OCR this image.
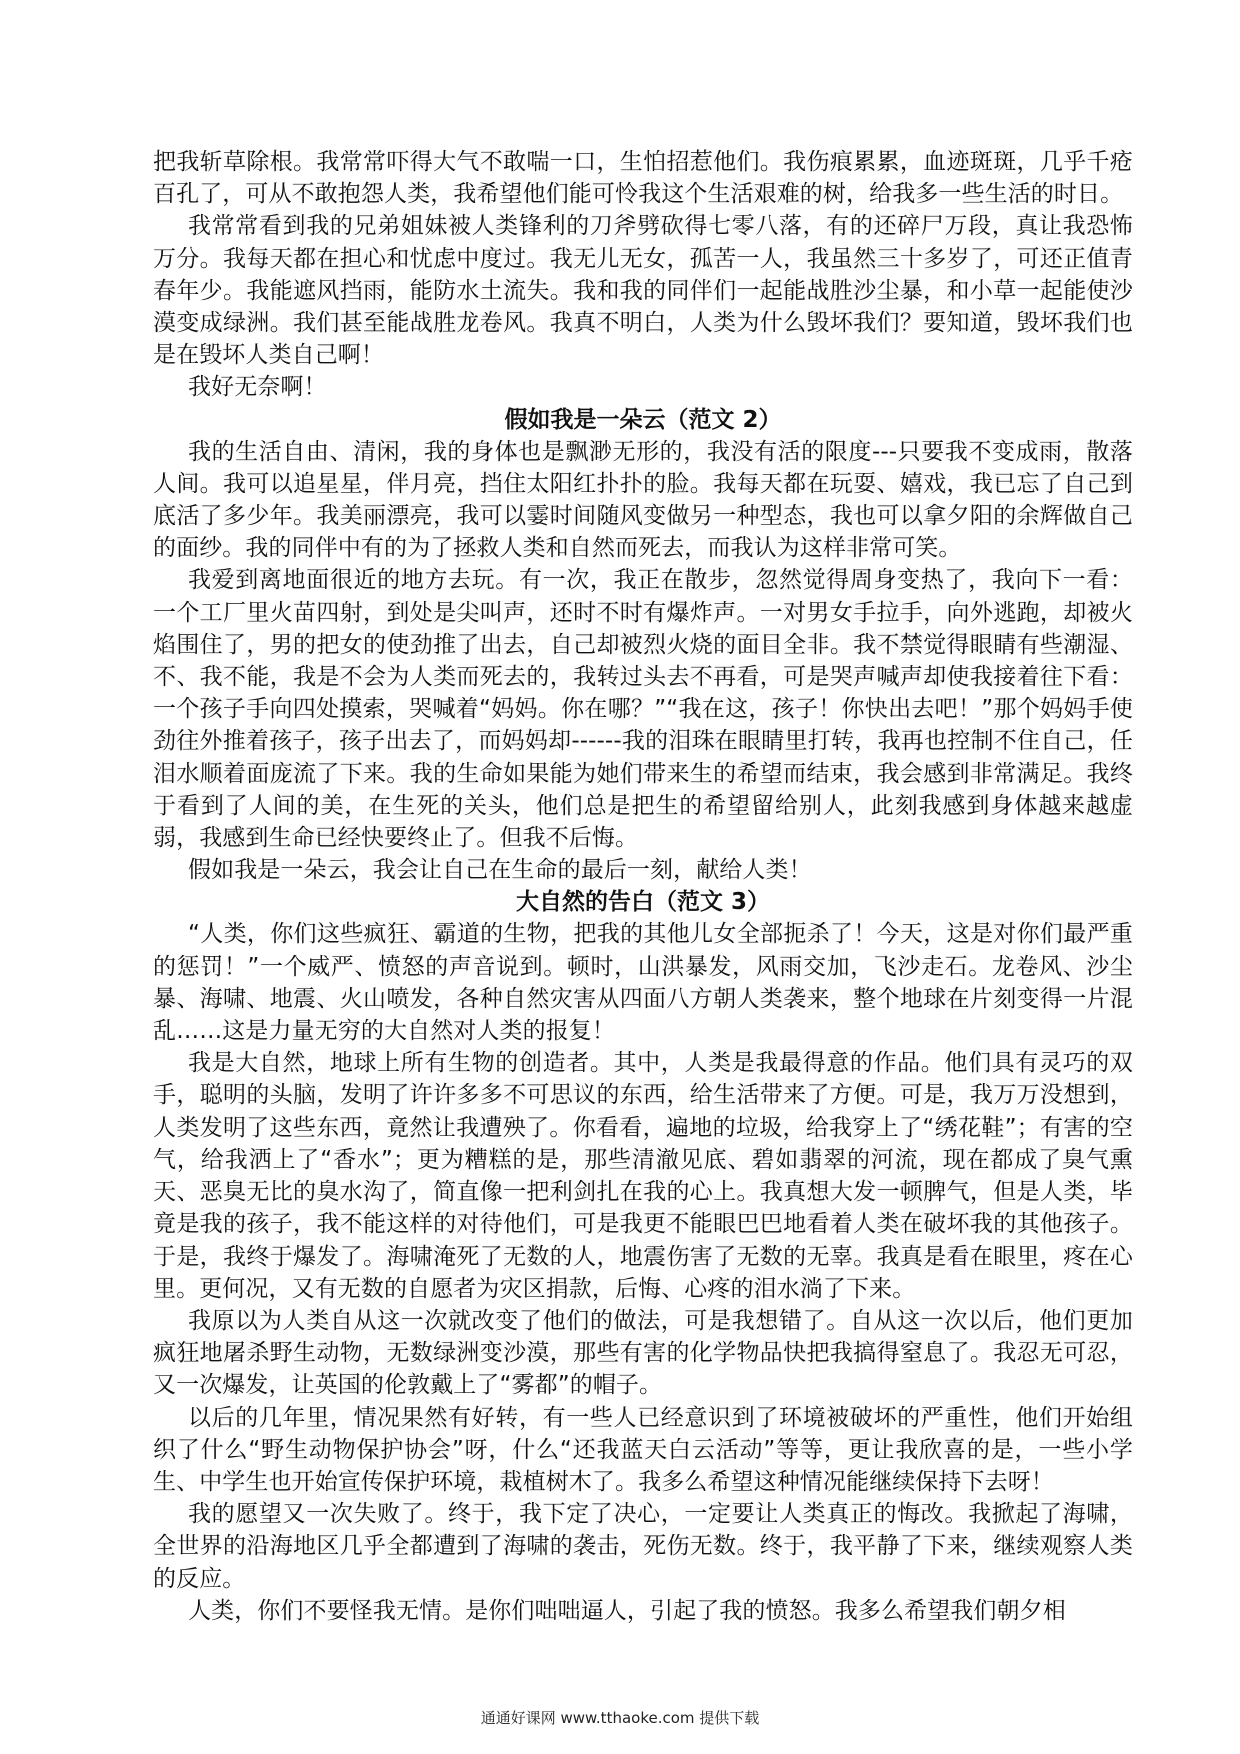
把我斩草除根。我常常吓得大气不敢喘一口，生怕招惹他们。我伤痕累累，血迹斑斑，几乎千疮百孔了，可从不敢抱怨人类，我希望他们能可怜我这个生活艰难的树，给我多一些生活的时日。

我常常看到我的兄弟姐妹被人类锋利的刀斧劈砍得七零八落，有的还碎尸万段，真让我恐怖万分。我每天都在担心和忧虑中度过。我无儿无女，孤苦一人，我虽然三十多岁了，可还正值青春年少。我能遮风挡雨，能防水土流失。我和我的同伴们一起能战胜沙尘暴，和小草一起能使沙漠变成绿洲。我们甚至能战胜龙卷风。我真不明白，人类为什么毁坏我们？要知道，毁坏我们也是在毁坏人类自己啊！

我好无奈啊！

假如我是一朵云（范文 2）

我的生活自由、清闲，我的身体也是飘渺无形的，我没有活的限度---只要我不变成雨，散落人间。我可以追星星，伴月亮，挡住太阳红扑扑的脸。我每天都在玩耍、嬉戏，我已忘了自己到底活了多少年。我美丽漂亮，我可以霎时间随风变做另一种型态，我也可以拿夕阳的余辉做自己的面纱。我的同伴中有的为了拯救人类和自然而死去，而我认为这样非常可笑。

我爱到离地面很近的地方去玩。有一次，我正在散步，忽然觉得周身变热了，我向下一看：一个工厂里火苗四射，到处是尖叫声，还时不时有爆炸声。一对男女手拉手，向外逃跑，却被火焰围住了，男的把女的使劲推了出去，自己却被烈火烧的面目全非。我不禁觉得眼睛有些潮湿、不、我不能，我是不会为人类而死去的，我转过头去不再看，可是哭声喊声却使我接着往下看：一个孩子手向四处摸索，哭喊着“妈妈。你在哪？”“我在这，孩子！你快出去吧！”那个妈妈手使劲往外推着孩子，孩子出去了，而妈妈却------我的泪珠在眼睛里打转，我再也控制不住自己，任泪水顺着面庞流了下来。我的生命如果能为她们带来生的希望而结束，我会感到非常满足。我终于看到了人间的美，在生死的关头，他们总是把生的希望留给别人，此刻我感到身体越来越虚弱，我感到生命已经快要终止了。但我不后悔。

假如我是一朵云，我会让自己在生命的最后一刻，献给人类！

大自然的告白（范文 3）

“人类，你们这些疯狂、霸道的生物，把我的其他儿女全部扼杀了！今天，这是对你们最严重的惩罚！”一个威严、愤怒的声音说到。顿时，山洪暴发，风雨交加，飞沙走石。龙卷风、沙尘暴、海啸、地震、火山喷发，各种自然灾害从四面八方朝人类袭来，整个地球在片刻变得一片混乱……这是力量无穷的大自然对人类的报复！

我是大自然，地球上所有生物的创造者。其中，人类是我最得意的作品。他们具有灵巧的双手，聪明的头脑，发明了许许多多不可思议的东西，给生活带来了方便。可是，我万万没想到，人类发明了这些东西，竟然让我遭殃了。你看看，遍地的垃圾，给我穿上了“绣花鞋”；有害的空气，给我洒上了“香水”；更为糟糕的是，那些清澈见底、碧如翡翠的河流，现在都成了臭气熏天、恶臭无比的臭水沟了，简直像一把利剑扎在我的心上。我真想大发一顿脾气，但是人类，毕竟是我的孩子，我不能这样的对待他们，可是我更不能眼巴巴地看着人类在破坏我的其他孩子。于是，我终于爆发了。海啸淹死了无数的人，地震伤害了无数的无辜。我真是看在眼里，疼在心里。更何况，又有无数的自愿者为灾区捐款，后悔、心疼的泪水淌了下来。

我原以为人类自从这一次就改变了他们的做法，可是我想错了。自从这一次以后，他们更加疯狂地屠杀野生动物，无数绿洲变沙漠，那些有害的化学物品快把我搞得窒息了。我忍无可忍，又一次爆发，让英国的伦敦戴上了“雾都”的帽子。

以后的几年里，情况果然有好转，有一些人已经意识到了环境被破坏的严重性，他们开始组织了什么“野生动物保护协会”呀，什么“还我蓝天白云活动”等等，更让我欣喜的是，一些小学生、中学生也开始宣传保护环境，栽植树木了。我多么希望这种情况能继续保持下去呀！

我的愿望又一次失败了。终于，我下定了决心，一定要让人类真正的悔改。我掀起了海啸，全世界的沿海地区几乎全都遭到了海啸的袭击，死伤无数。终于，我平静了下来，继续观察人类的反应。

人类，你们不要怪我无情。是你们咄咄逼人，引起了我的愤怒。我多么希望我们朝夕相

通通好课网 www.tthaoke.com 提供下载
